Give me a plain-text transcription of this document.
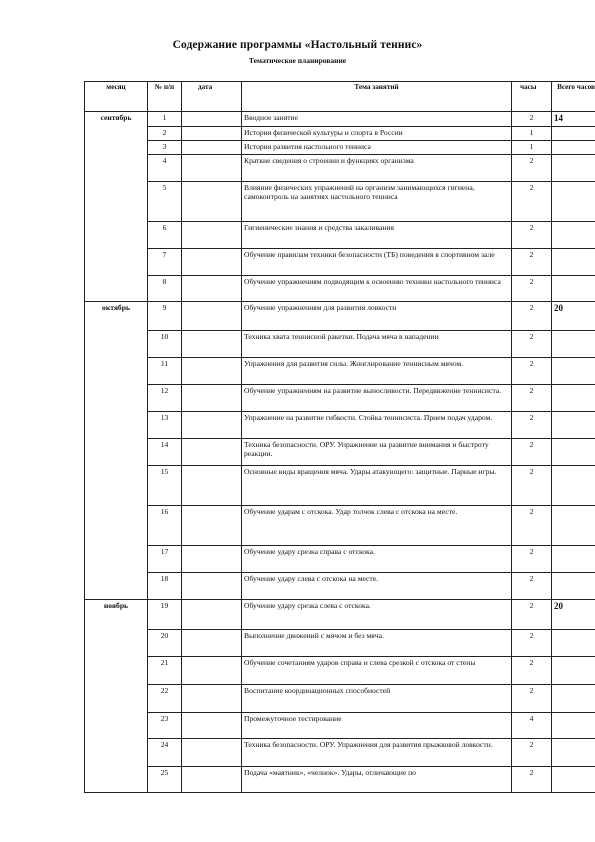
Содержание программы «Настольный теннис»
Тематическое планирование
месяц	№ п/п	дата	Тема занятий	часы	Всего часов
сентябрь	1		Вводное занятие	2	14
	2		История физической культуры и спорта в России	1	
	3		История развития настольного тенниса	1	
	4		Краткие сведения о строении и функциях организма	2	
	5		Влияние физических упражнений на организм занимающихся гигиена, самоконтроль на занятиях настольного тенниса	2	
	6		Гигиенические знания и средства закаливания	2	
	7		Обучение правилам техники безопасности (ТБ) поведения в спортивном зале	2	
	8		Обучение упражнениям подводящим к освоению техники настольного тенниса	2	
октябрь	9		Обучение упражнениям для развития ловкости	2	20
	10		Техника хвата теннисной ракетки. Подача мяча в нападении	2	
	11		Упражнения для развития силы. Жонглирование теннисным мячом.	2	
	12		Обучение упражнениям на развитие выносливости. Передвижение теннисиста.	2	
	13		Упражнение на развитие гибкости. Стойка теннисиста. Прием подач ударом.	2	
	14		Техника безопасности. ОРУ. Упражнение на развитие внимания и быстроту реакции.	2	
	15		Основные виды вращения мяча. Удары атакующего: защитные. Парные игры.	2	
	16		Обучение ударам с отскока. Удар толчок слева с отскока на месте.	2	
	17		Обучение удару срезка справа с отскока.	2	
	18		Обучение удару слева с отскока на месте.	2	
ноябрь	19		Обучение удару срезка слева с отскока.	2	20
	20		Выполнение движений с мячом и без мяча.	2	
	21		Обучение сочетаниям ударов справа и слева срезкой с отскока от стены	2	
	22		Воспитание координационных способностей	2	
	23		Промежуточное тестирование	4	
	24		Техника безопасности. ОРУ. Упражнения для развития прыжковой ловкости.	2	
	25		Подача «маятник», «челнок». Удары, отличающие по	2	
